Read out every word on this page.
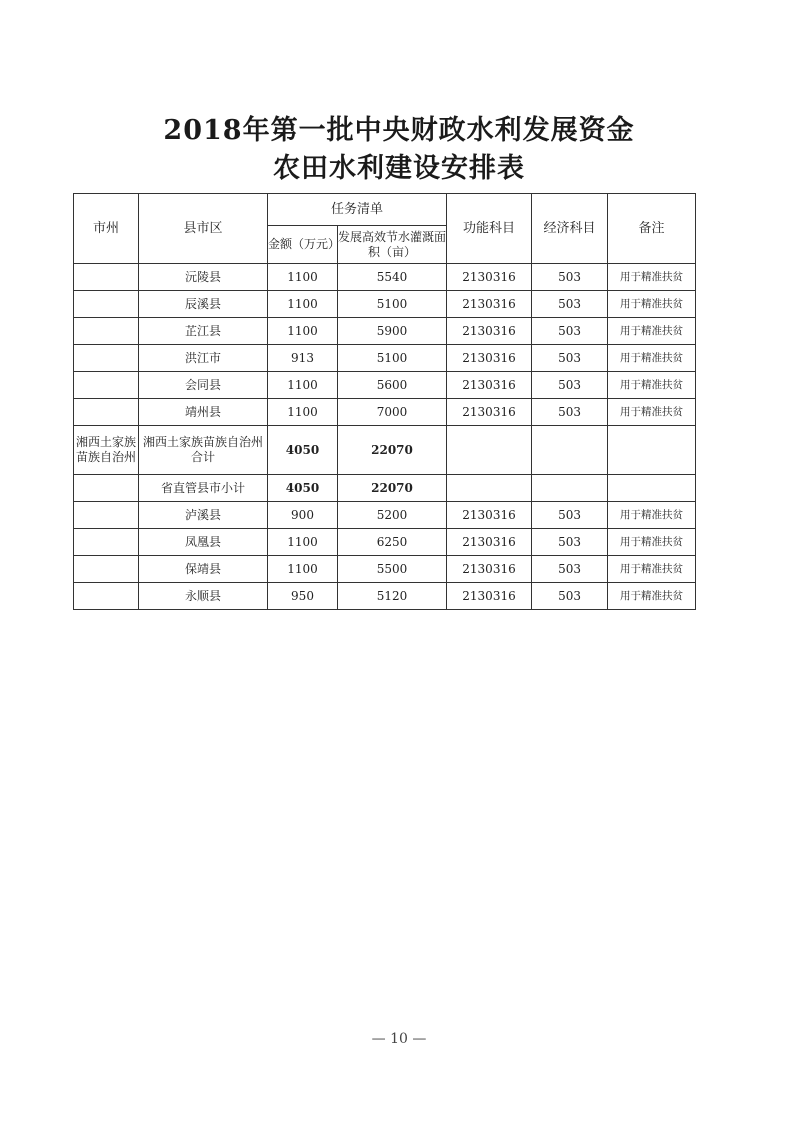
2018年第一批中央财政水利发展资金
农田水利建设安排表
市州	县市区	任务清单		功能科目	经济科目	备注
		金额（万元）	发展高效节水灌溉面积（亩）			
	沅陵县	1100	5540	2130316	503	用于精准扶贫
	辰溪县	1100	5100	2130316	503	用于精准扶贫
	芷江县	1100	5900	2130316	503	用于精准扶贫
	洪江市	913	5100	2130316	503	用于精准扶贫
	会同县	1100	5600	2130316	503	用于精准扶贫
	靖州县	1100	7000	2130316	503	用于精准扶贫
湘西土家族苗族自治州	湘西土家族苗族自治州合计	4050	22070			
	省直管县市小计	4050	22070			
	泸溪县	900	5200	2130316	503	用于精准扶贫
	凤凰县	1100	6250	2130316	503	用于精准扶贫
	保靖县	1100	5500	2130316	503	用于精准扶贫
	永顺县	950	5120	2130316	503	用于精准扶贫
— 10 —
